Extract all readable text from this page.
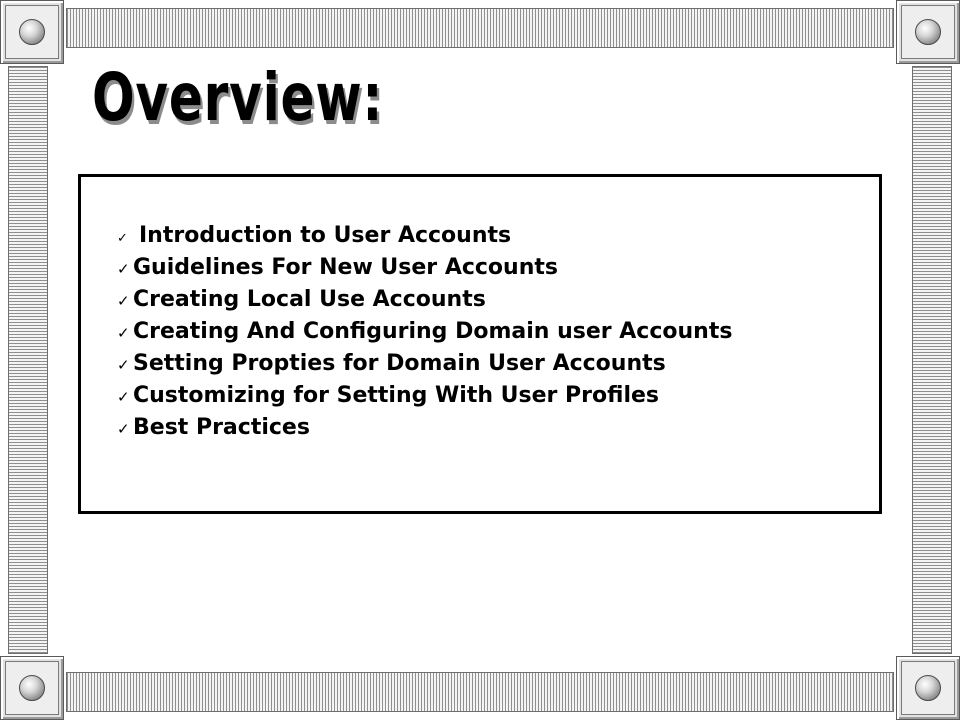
Overview:
✓ Introduction to User Accounts
✓ Guidelines For New User Accounts
✓ Creating Local Use Accounts
✓ Creating And Configuring Domain user Accounts
✓ Setting Propties for Domain User Accounts
✓ Customizing for Setting With User Profiles
✓ Best Practices
